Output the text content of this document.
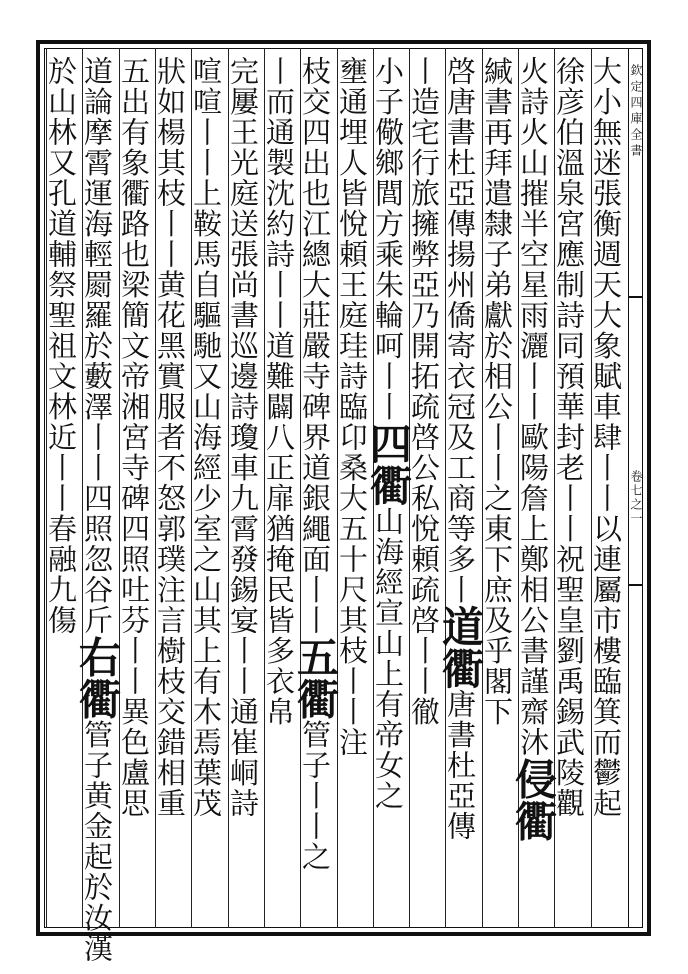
欽定四庫全書
卷七之一
大小無迷張衡週天大象賦車肆丨丨以連屬市樓臨箕而鬱起
徐彦伯溫泉宮應制詩同預華封老丨丨祝聖皇劉禹錫武陵觀
火詩火山摧半空星雨灑丨丨歐陽詹上鄭相公書謹齋沐侵衢
緘書再拜遣隸子弟獻於相公丨丨之東下庶及乎閣下
啓唐書杜亞傳揚州僑寄衣冠及工商等多丨道衢唐書杜亞傳
丨造宅行旅擁弊亞乃開拓疏啓公私悅頼疏啓丨丨徹
小子儆鄉閭方乘朱輪呵丨丨四衢山海經宣山上有帝女之
壅通埋人皆悅頼王庭珪詩臨卬桑大五十尺其枝丨丨注
枝交四出也江總大莊嚴寺碑界道銀繩面丨丨五衢管子丨丨之
丨而通製沈約詩丨丨道難闢八正扉猶掩民皆多衣帛
完屢王光庭送張尚書巡邊詩瓊車九霄發錫宴丨丨通崔峒詩
喧喧丨丨上鞍馬自驅馳又山海經少室之山其上有木焉葉茂
狀如楊其枝丨丨黄花黑實服者不怒郭璞注言樹枝交錯相重
五出有象衢路也梁簡文帝湘宮寺碑四照吐芬丨丨異色盧思
道論摩霄運海輕罽羅於藪澤丨丨四照忽谷斤右衢管子黄金起於汝漢
於山林又孔道輔祭聖祖文林近丨丨春融九傷
